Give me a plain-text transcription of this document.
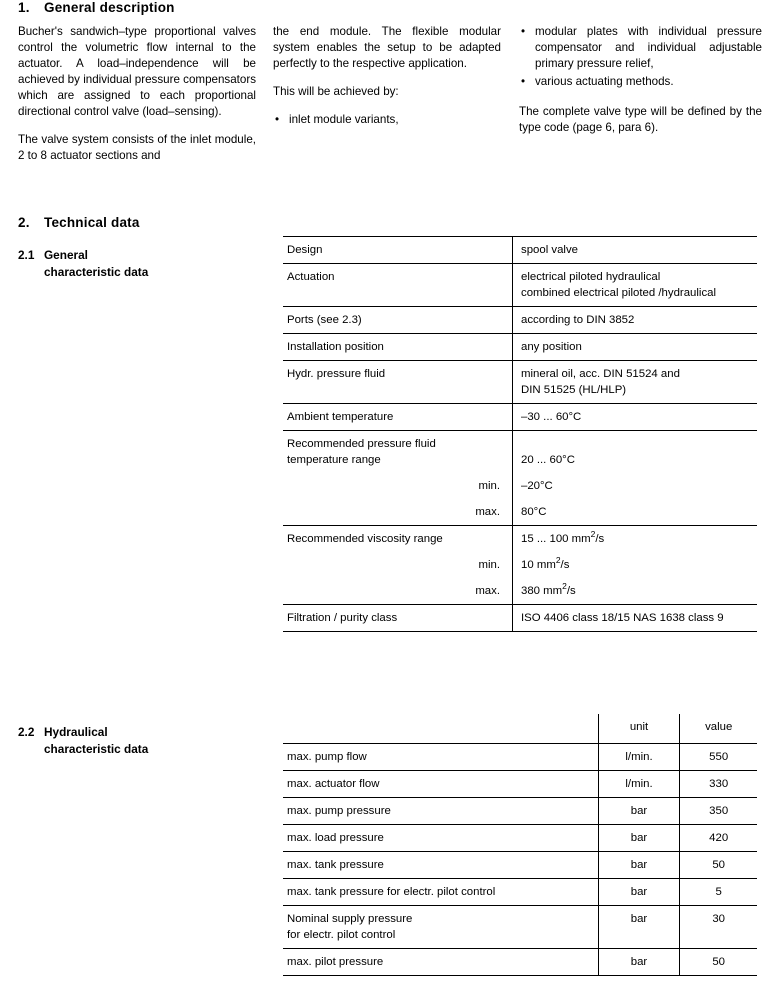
1. General description

Bucher's sandwich–type proportional valves control the volumetric flow internal to the actuator. A load–independence will be achieved by individual pressure compensators which are assigned to each proportional directional control valve (load–sensing).

The valve system consists of the inlet module, 2 to 8 actuator sections and

the end module. The flexible modular system enables the setup to be adapted perfectly to the respective application.

This will be achieved by:

• inlet module variants,
• modular plates with individual pressure compensator and individual adjustable primary pressure relief,
• various actuating methods.
The complete valve type will be defined by the type code (page 6, para 6).
2. Technical data
2.1 General
characteristic data
Design	spool valve
Actuation	electrical piloted hydraulical
	combined electrical piloted /hydraulical
Ports (see 2.3)	according to DIN 3852
Installation position	any position
Hydr. pressure fluid	mineral oil, acc. DIN 51524 and
	DIN 51525 (HL/HLP)
Ambient temperature	–30 ... 60°C
Recommended pressure fluid	
temperature range	20 ... 60°C
min.	–20°C
max.	80°C
Recommended viscosity range	15 ... 100 $mm^2/s$
min.	10 $mm^2/s$
max.	380 $mm^2/s$
Filtration / purity class	ISO 4406 class 18/15 NAS 1638 class 9
2.2 Hydraulical
characteristic data
	unit	value
max. pump flow	l/min.	550
max. actuator flow	l/min.	330
max. pump pressure	bar	350
max. load pressure	bar	420
max. tank pressure	bar	50
max. tank pressure for electr. pilot control	bar	5
Nominal supply pressure
for electr. pilot control	bar	30
max. pilot pressure	bar	50
